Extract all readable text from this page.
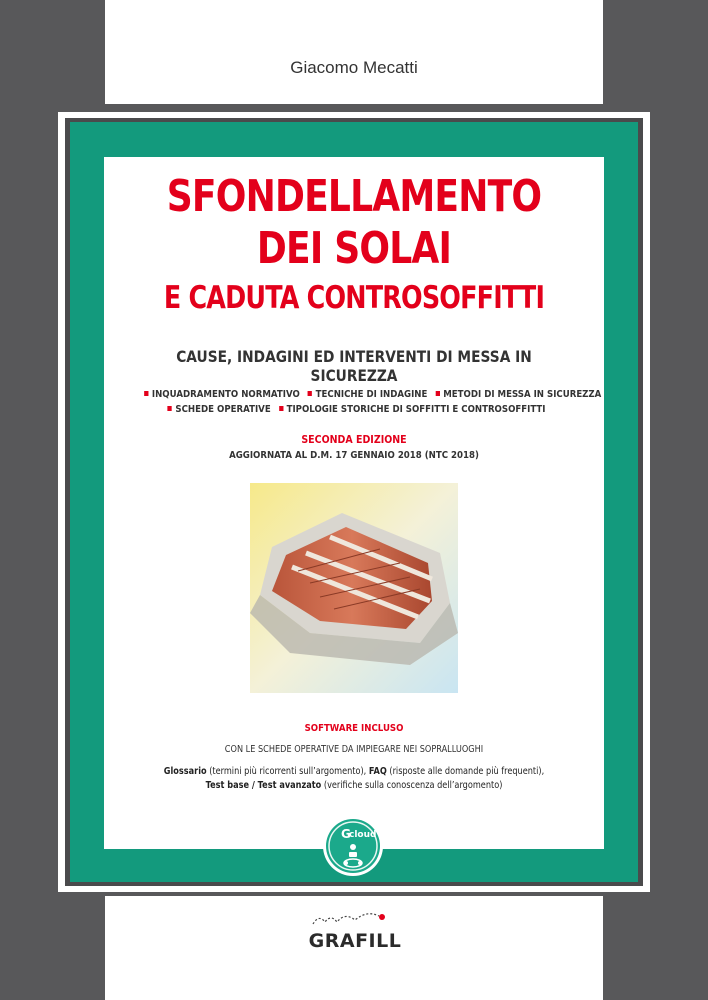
Giacomo Mecatti
SFONDELLAMENTO
DEI SOLAI
E CADUTA CONTROSOFFITTI
CAUSE, INDAGINI ED INTERVENTI DI MESSA IN SICUREZZA
INQUADRAMENTO NORMATIVO TECNICHE DI INDAGINE METODI DI MESSA IN SICUREZZA
SCHEDE OPERATIVE TIPOLOGIE STORICHE DI SOFFITTI E CONTROSOFFITTI
SECONDA EDIZIONE
AGGIORNATA AL D.M. 17 GENNAIO 2018 (NTC 2018)
SOFTWARE INCLUSO
CON LE SCHEDE OPERATIVE DA IMPIEGARE NEI SOPRALLUOGHI
Glossario (termini più ricorrenti sull’argomento), FAQ (risposte alle domande più frequenti),
Test base / Test avanzato (verifiche sulla conoscenza dell’argomento)
G
cloud
GRAFILL
